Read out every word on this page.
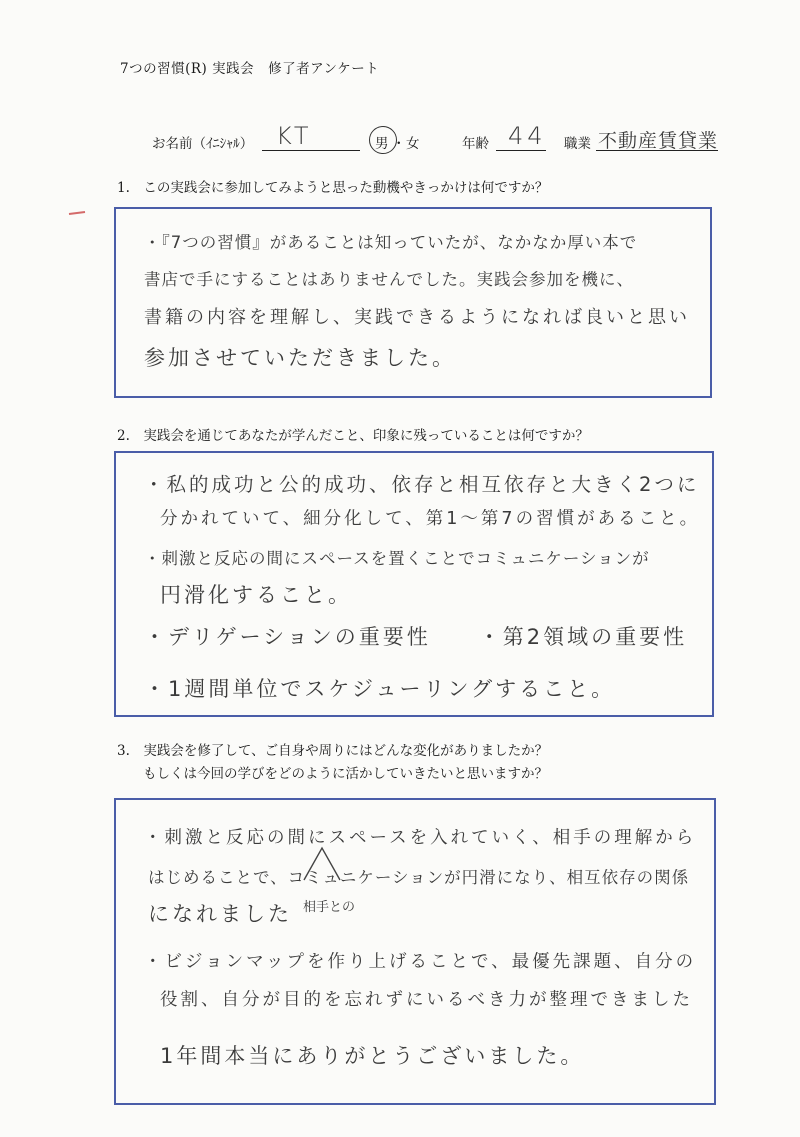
7つの習慣(R) 実践会　修了者アンケート
お名前（ｲﾆｼｬﾙ） KT	男 ・ 女	年齢 44 職業 不動産賃貸業
1.　この実践会に参加してみようと思った動機やきっかけは何ですか？
・『7つの習慣』があることは知っていたが、なかなか厚い本で
書店で手にすることはありませんでした。実践会参加を機に、
書籍の内容を理解し、実践できるようになれば良いと思い
参加させていただきました。
2.　実践会を通じてあなたが学んだこと、印象に残っていることは何ですか？
・私的成功と公的成功、依存と相互依存と大きく2つに
分かれていて、細分化して、第1〜第7の習慣があること。
・刺激と反応の間にスペースを置くことでコミュニケーションが
円滑化すること。
・デリゲーションの重要性　　・第2領域の重要性
・1週間単位でスケジューリングすること。
3.　実践会を修了して、ご自身や周りにはどんな変化がありましたか？
もしくは今回の学びをどのように活かしていきたいと思いますか？
・刺激と反応の間にスペースを入れていく、相手の理解から
はじめることで、コミュニケーションが円滑になり、相互依存の関係
になれました
・ビジョンマップを作り上げることで、最優先課題、自分の
役割、自分が目的を忘れずにいるべき力が整理できました
1年間本当にありがとうございました。
相手との
